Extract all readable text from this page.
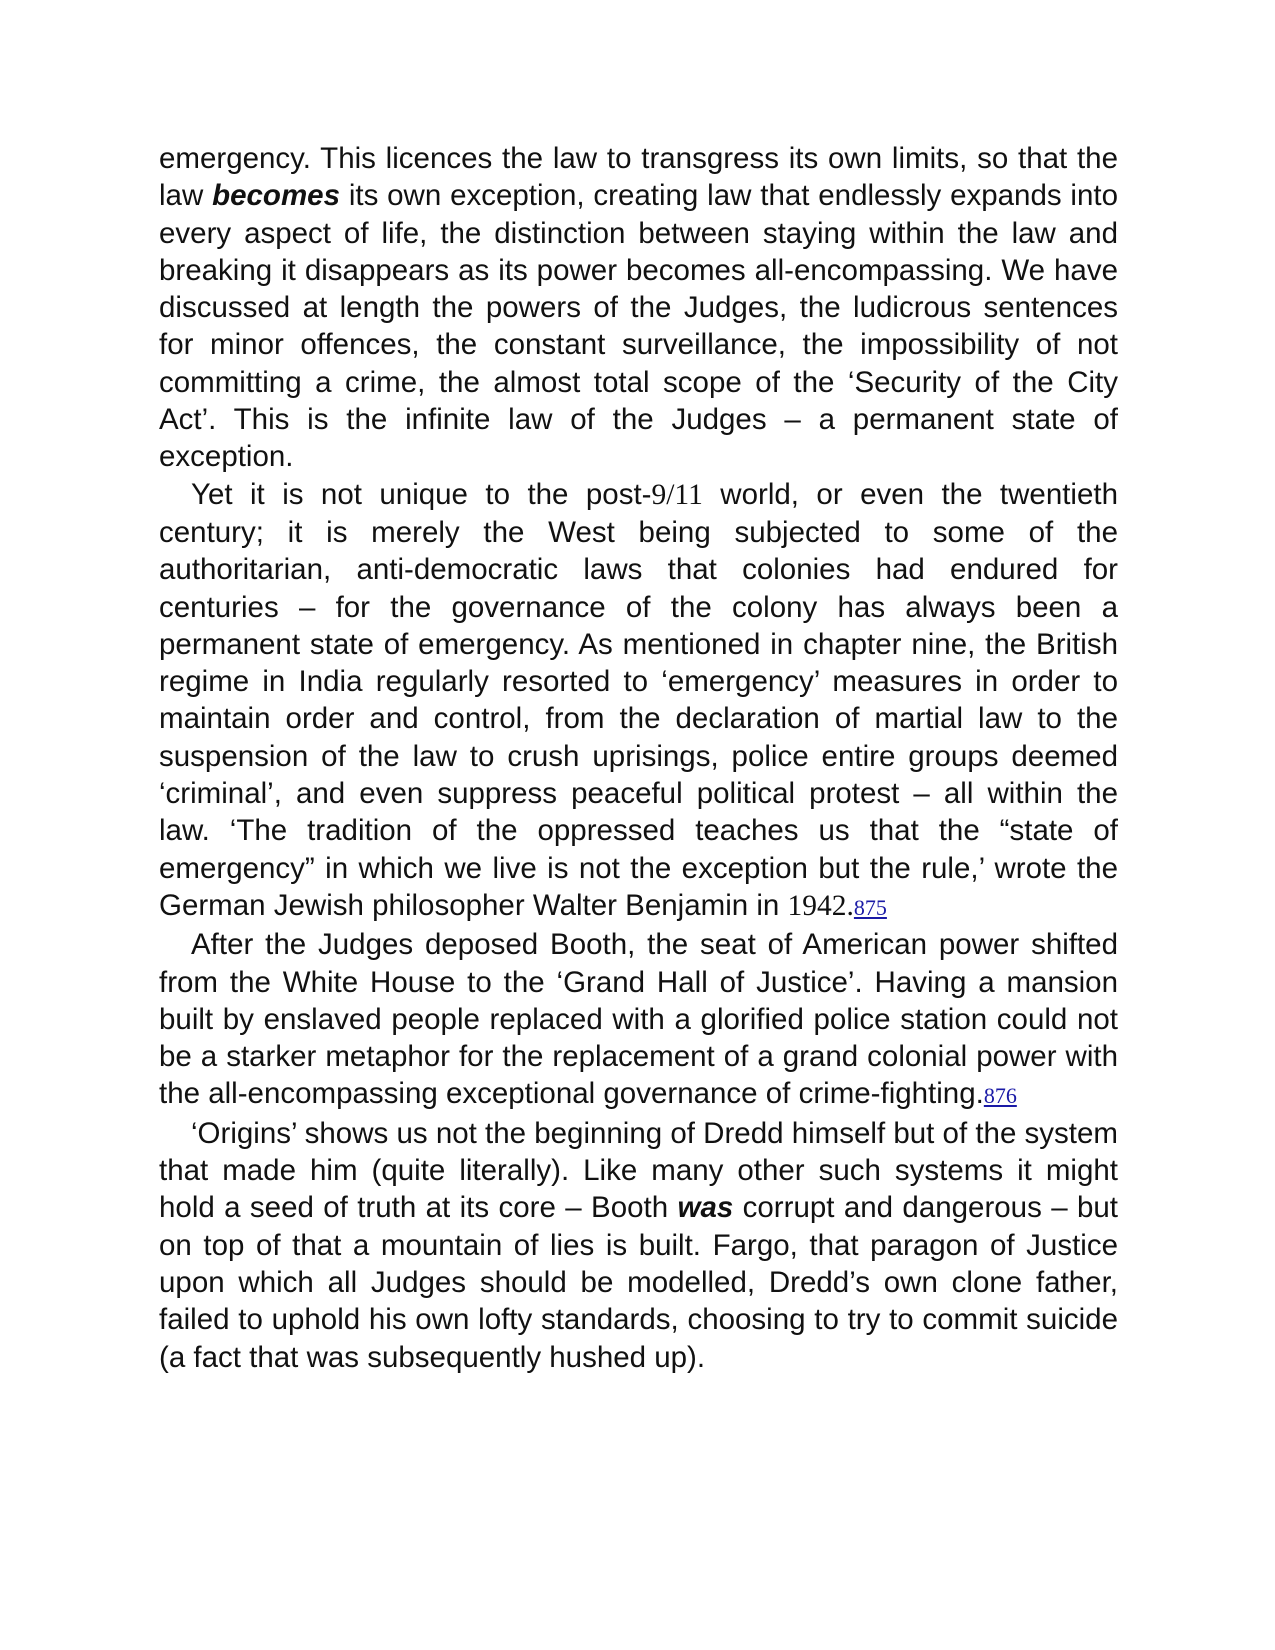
emergency. This licences the law to transgress its own limits, so that the law becomes its own exception, creating law that endlessly expands into every aspect of life, the distinction between staying within the law and breaking it disappears as its power becomes all-encompassing. We have discussed at length the powers of the Judges, the ludicrous sentences for minor offences, the constant surveillance, the impossibility of not committing a crime, the almost total scope of the ‘Security of the City Act’. This is the infinite law of the Judges – a permanent state of exception.

Yet it is not unique to the post-9/11 world, or even the twentieth century; it is merely the West being subjected to some of the authoritarian, anti-democratic laws that colonies had endured for centuries – for the governance of the colony has always been a permanent state of emergency. As mentioned in chapter nine, the British regime in India regularly resorted to ‘emergency’ measures in order to maintain order and control, from the declaration of martial law to the suspension of the law to crush uprisings, police entire groups deemed ‘criminal’, and even suppress peaceful political protest – all within the law. ‘The tradition of the oppressed teaches us that the “state of emergency” in which we live is not the exception but the rule,’ wrote the German Jewish philosopher Walter Benjamin in 1942.875

After the Judges deposed Booth, the seat of American power shifted from the White House to the ‘Grand Hall of Justice’. Having a mansion built by enslaved people replaced with a glorified police station could not be a starker metaphor for the replacement of a grand colonial power with the all-encompassing exceptional governance of crime-fighting.876

‘Origins’ shows us not the beginning of Dredd himself but of the system that made him (quite literally). Like many other such systems it might hold a seed of truth at its core – Booth was corrupt and dangerous – but on top of that a mountain of lies is built. Fargo, that paragon of Justice upon which all Judges should be modelled, Dredd’s own clone father, failed to uphold his own lofty standards, choosing to try to commit suicide (a fact that was subsequently hushed up).
